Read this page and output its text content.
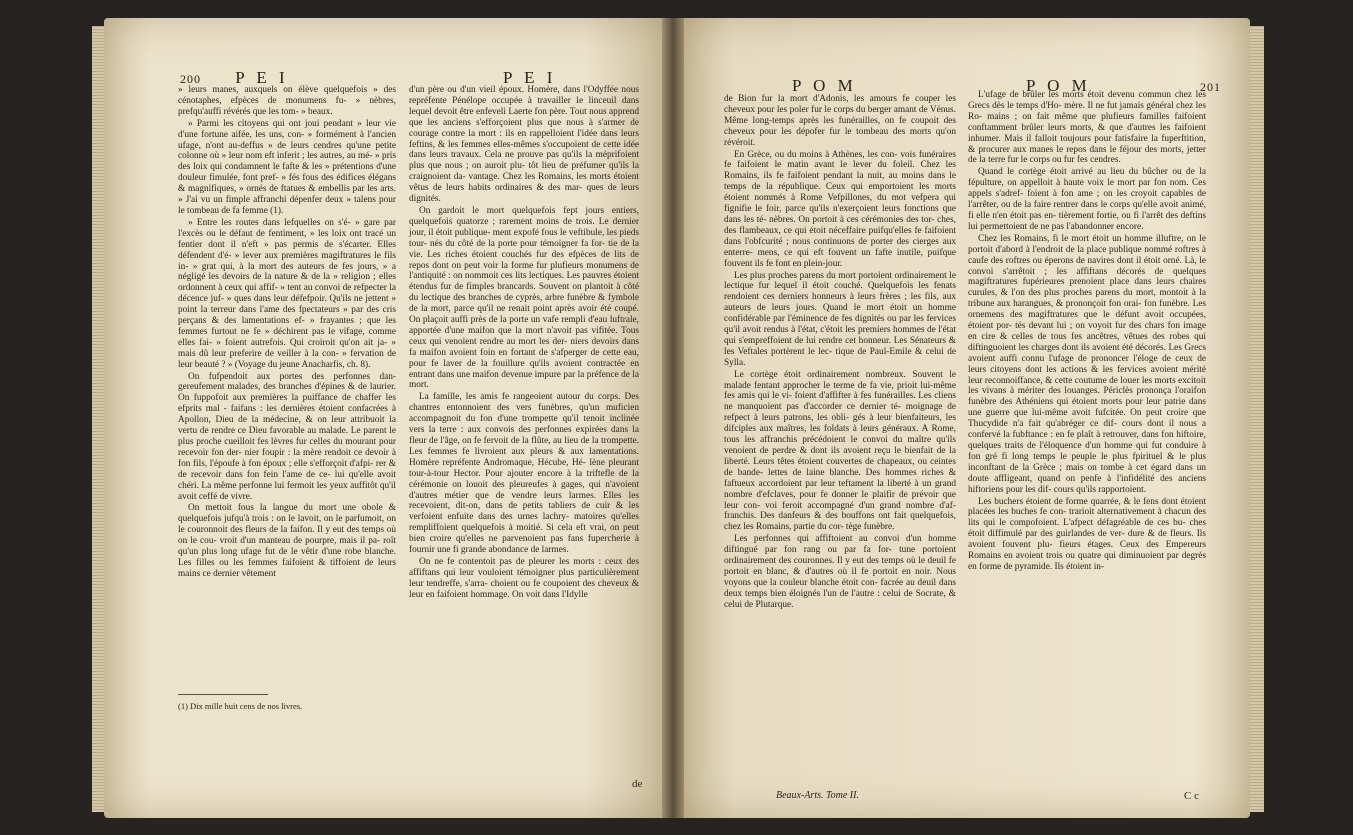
200 P E I	P E I

» leurs manes, auxquels on élève quelquefois » des cénotaphes, efpèces de monumens fu- » nèbres, prefqu'auffi révérés que les tom- » beaux.

» Parmi les citoyens qui ont joui pendant » leur vie d'une fortune aifée, les uns, con- » formément à l'ancien ufage, n'ont au-deffus » de leurs cendres qu'une petite colonne où » leur nom eft inferit ; les autres, au mé- » pris des loix qui condamnent le fafte & les » prétentions d'une douleur fimulée, font pref- » fés fous des édifices élégans & magnifiques, » ornés de ftatues & embellis par les arts. » J'ai vu un fimple affranchi dépenfer deux » talens pour le tombeau de fa femme (1).

» Entre les routes dans lefquelles on s'é- » gare par l'excès ou le défaut de fentiment, » les loix ont tracé un fentier dont il n'eft » pas permis de s'écarter. Elles défendent d'é- » lever aux premières magiftratures le fils in- » grat qui, à la mort des auteurs de fes jours, » a négligé les devoirs de la nature & de la » religion ; elles ordonnent à ceux qui affif- » tent au convoi de refpecter la décence juf- » ques dans leur défefpoir. Qu'ils ne jettent » point la terreur dans l'ame des fpectateurs » par des cris perçans & des lamentations ef- » frayantes ; que les femmes furtout ne fe » déchirent pas le vifage, comme elles fai- » foient autrefois. Qui croiroit qu'on ait ja- » mais dû leur preferire de veiller à la con- » fervation de leur beauté ? » (Voyage du jeune Anacharfis, ch. 8).

On fufpendoit aux portes des perfonnes dan- gereufement malades, des branches d'épines & de laurier. On fuppofoit aux premières la puiffance de chaffer les efprits mal - faifans : les dernières étoient confacrées à Apollon, Dieu de la médecine, & on leur attribuoit la vertu de rendre ce Dieu favorable au malade. Le parent le plus proche cueilloit fes lèvres fur celles du mourant pour recevoir fon der- nier foupir : la mère rendoit ce devoir à fon fils, l'époufe à fon époux ; elle s'efforçoit d'afpi- rer & de recevoir dans fon fein l'ame de ce- lui qu'elle avoit chéri. La même perfonne lui fermoit les yeux auffitôt qu'il avoit ceffé de vivre.

On mettoit fous la langue du mort une obole & quelquefois jufqu'à trois : on le lavoit, on le parfumoit, on le couronnoit des fleurs de la faifon. Il y eut des temps où on le cou- vroit d'un manteau de pourpre, mais il pa- roît qu'un plus long ufage fut de le vêtir d'une robe blanche. Les filles ou les femmes faifoient & tiffoient de leurs mains ce dernier vêtement

(1) Dix mille huit cens de nos livres.

d'un père ou d'un vieil époux. Homère, dans l'Odyffée nous repréfente Pénélope occupée à travailler le linceuil dans lequel devoit être enfeveli Laerte fon père. Tout nous apprend que les anciens s'efforçoient plus que nous à s'armer de courage contre la mort : ils en rappelloient l'idée dans leurs feftins, & les femmes elles-mêmes s'occupoient de cette idée dans leurs travaux. Cela ne prouve pas qu'ils la méprifoient plus que nous ; on auroit plu- tôt lieu de préfumer qu'ils la craignoient da- vantage. Chez les Romains, les morts étoient vêtus de leurs habits ordinaires & des mar- ques de leurs dignités.

On gardoit le mort quelquefois fept jours entiers, quelquefois quatorze ; rarement moins de trois. Le dernier jour, il étoit publique- ment expofé fous le veftibule, les pieds tour- nés du côté de la porte pour témoigner fa for- tie de la vie. Les riches étoient couchés fur des efpèces de lits de repos dont on peut voir la forme fur plufieurs monumens de l'antiquité : on nommoit ces lits lectiques. Les pauvres étoient étendus fur de fimples brancards. Souvent on plantoit à côté du lectique des branches de cyprès, arbre funèbre & fymbole de la mort, parce qu'il ne renait point après avoir été coupé. On plaçoit auffi près de la porte un vafe rempli d'eau luftrale, apportée d'une maifon que la mort n'avoit pas vifitée. Tous ceux qui venoient rendre au mort les der- niers devoirs dans fa maifon avoient foin en fortant de s'afperger de cette eau, pour fe laver de la fouillure qu'ils avoient contractée en entrant dans une maifon devenue impure par la préfence de la mort.

La famille, les amis fe rangeoient autour du corps. Des chantres entonnoient des vers funèbres, qu'un muficien accompagnoit du fon d'une trompette qu'il tenoit inclinée vers la terre : aux convois des perfonnes expirées dans la fleur de l'âge, on fe fervoit de la flûte, au lieu de la trompette. Les femmes fe livroient aux pleurs & aux lamentations. Homère repréfente Andromaque, Hécube, Hé- lène pleurant tour-à-tour Hector. Pour ajouter encore à la triftefle de la cérémonie on louoit des pleureufes à gages, qui n'avoient d'autres métier que de vendre leurs larmes. Elles les recevoient, dit-on, dans de petits tabliers de cuir & les verfoient enfuite dans des urnes lachry- matoires qu'elles rempliffoient quelquefois à moitié. Si cela eft vrai, on peut bien croire qu'elles ne parvenoient pas fans fupercherie à fournir une fi grande abondance de larmes.

On ne fe contentoit pas de pleurer les morts : ceux des affiftans qui leur vouloient témoigner plus particulièrement leur tendreffe, s'arra- choient ou fe coupoient des cheveux & leur en faifoient hommage. On voit dans l'Idylle

de
P O M	P O M	201

de Bion fur la mort d'Adonis, les amours fe couper les cheveux pour les poler fur le corps du berger amant de Vénus. Même long-temps après les funérailles, on fe coupoit des cheveux pour les dépofer fur le tombeau des morts qu'on révéroit.

En Grèce, ou du moins à Athènes, les con- vois funéraires fe faifoient le matin avant le lever du foleil. Chez les Romains, ils fe faifoient pendant la nuit, au moins dans le temps de la république. Ceux qui emportoient les morts étoient nommés à Rome Vefpillones, du mot vefpera qui fignifie le foir, parce qu'ils n'exerçoient leurs fonctions que dans les té- nèbres. On portoit à ces cérémonies des tor- ches, des flambeaux, ce qui étoit néceffaire puifqu'elles fe faifoient dans l'obfcurité ; nous continuons de porter des cierges aux enterre- mens, ce qui eft fouvent un fafte inutile, puifque fouvent ils fe font en plein-jour.

Les plus proches parens du mort portoient ordinairement le lectique fur lequel il étoit couché. Quelquefois les fenats rendoient ces derniers honneurs à leurs frères ; les fils, aux auteurs de leurs jours. Quand le mort étoit un homme confidérable par l'éminence de fes dignités ou par les fervices qu'il avoit rendus à l'état, c'étoit les premiers hommes de l'état qui s'empreffoient de lui rendre cet honneur. Les Sénateurs & les Veftales portèrent le lec- tique de Paul-Emile & celui de Sylla.

Le cortège étoit ordinairement nombreux. Souvent le malade fentant approcher le terme de fa vie, prioit lui-même fes amis qui le vi- foient d'affifter à fes funérailles. Les cliens ne manquoient pas d'accorder ce dernier té- moignage de refpect à leurs patrons, les obli- gés à leur bienfaiteurs, les difciples aux maîtres, les foldats à leurs généraux. A Rome, tous les affranchis précédoient le convoi du maître qu'ils venoient de perdre & dont ils avoient reçu le bienfait de la liberté. Leurs têtes étoient couvertes de chapeaux, ou ceintes de bande- lettes de laine blanche. Des hommes riches & faftueux accordoient par leur teftament la liberté à un grand nombre d'efclaves, pour fe donner le plaifir de prévoir que leur con- voi feroit accompagné d'un grand nombre d'af- franchis. Des danfeurs & des bouffons ont fait quelquefois, chez les Romains, partie du cor- tège funèbre.

Les perfonnes qui affiftoient au convoi d'un homme diftingué par fon rang ou par fa for- tune portoient ordinairement des couronnes. Il y eut des temps où le deuil fe portoit en blanc, & d'autres où il fe portoit en noir. Nous voyons que la couleur blanche étoit con- facrée au deuil dans deux temps bien éloignés l'un de l'autre : celui de Socrate, & celui de Plutarque.

Beaux-Arts. Tome II.

L'ufage de brûler les morts étoit devenu commun chez les Grecs dès le temps d'Ho- mère. Il ne fut jamais général chez les Ro- mains ; on fait même que plufieurs familles faifoient conftamment brûler leurs morts, & que d'autres les faifoient inhumer. Mais il falloit toujours pour fatisfaire la fuperftition, & procurer aux manes le repos dans le féjour des morts, jetter de la terre fur le corps ou fur fes cendres.

Quand le cortège étoit arrivé au lieu du bûcher ou de la fépulture, on appelloit à haute voix le mort par fon nom. Ces appels s'adref- foient à fon ame ; on les croyoit capables de l'arrêter, ou de la faire rentrer dans le corps qu'elle avoit animé, fi elle n'en étoit pas en- tièrement fortie, ou fi l'arrêt des deftins lui permettoient de ne pas l'abandonner encore.

Chez les Romains, fi le mort étoit un homme illuftre, on le portoit d'abord à l'endroit de la place publique nommé roftres à caufe des roftres ou éperons de navires dont il étoit orné. Là, le convoi s'arrêtoit ; les affiftans décorés de quelques magiftratures fupérieures prenoient place dans leurs chaires curules, & l'on des plus proches parens du mort, montoit à la tribune aux harangues, & prononçoit fon orai- fon funèbre. Les ornemens des magiftratures que le défunt avoit occupées, étoient por- tés devant lui ; on voyoit fur des chars fon image en cire & celles de tous fes ancêtres, vêtues des robes qui diftinguoient les charges dont ils avoient été décorés. Les Grecs avoient auffi connu l'ufage de prononcer l'éloge de ceux de leurs citoyens dont les actions & les fervices avoient mérité leur reconnoiffance, & cette coutume de louer les morts excitoit les vivans à mériter des louanges. Périclès prononça l'oraifon funèbre des Athéniens qui étoient morts pour leur patrie dans une guerre que lui-même avoit fufcitée. On peut croire que Thucydide n'a fait qu'abréger ce dif- cours dont il nous a confervé la fubftance : en fe plaît à retrouver, dans fon hiftoire, quelques traits de l'éloquence d'un homme qui fut conduire à fon gré fi long temps le peuple le plus fpirituel & le plus inconftant de la Grèce ; mais on tombe à cet égard dans un doute affligeant, quand on penfe à l'infidélité des anciens hiftoriens pour les dif- cours qu'ils rapportoient.

Les buchers étoient de forme quarrée, & le fens dont étoient placées les buches fe con- trarioit alternativement à chacun des lits qui le compofoient. L'afpect défagréable de ces bu- ches étoit diffimulé par des guirlandes de ver- dure & de fleurs. Ils avoient fouvent plu- fieurs étages. Ceux des Empereurs Romains en avoient trois ou quatre qui diminuoient par degrés en forme de pyramide. Ils étoient in-

C c
